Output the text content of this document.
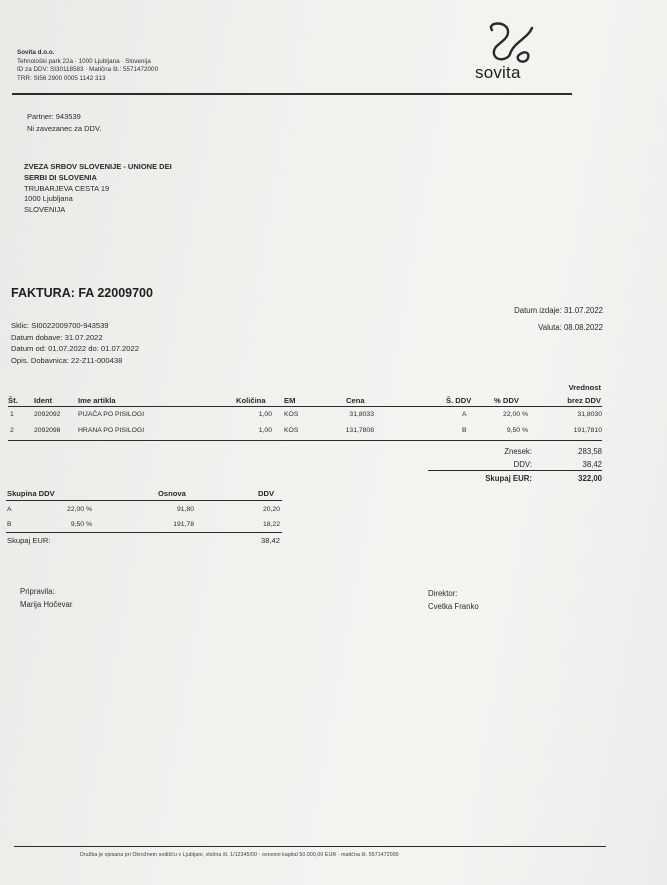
Sovita d.o.o.
Tehnološki park 22a · 1000 Ljubljana · Slovenija
ID za DDV: SI30118583 · Matična št.: 5571472000
TRR: SI56 2900 0005 1142 313	sovita
Partner: 943539
Ni zavezanec za DDV.
ZVEZA SRBOV SLOVENIJE - UNIONE DEI
SERBI DI SLOVENIA
TRUBARJEVA CESTA 19
1000 Ljubljana
SLOVENIJA
FAKTURA: FA 22009700
Datum izdaje: 31.07.2022
Valuta: 08.08.2022
Sklic: SI0022009700-943539
Datum dobave: 31.07.2022
Datum od: 01.07.2022 do: 01.07.2022
Opis. Dobavnica: 22-Z11-000438
Vrednost
Št. Ident	Ime artikla	Količina EM	Cena	Š. DDV	% DDV	brez DDV
1	2092092	PIJAČA PO PISILOGI	1,00 KOS	31,8033	A	22,00 %	31,8030
2	2092098	HRANA PO PISILOGI	1,00 KOS	131,7808	B	9,50 %	191,7810
Znesek:	283,58
DDV:	38,42
Skupaj EUR:	322,00
Skupina DDV	Osnova	DDV
A	22,00 %	91,80	20,20
B	9,50 %	191,78	18,22
Skupaj EUR:	38,42
Pripravila:
Marija Hočevar
Direktor:
Cvetka Franko
Družba je vpisana pri Okrožnem sodišču v Ljubljani, vložna št. 1/12345/00 · osnovni kapital 50.000,00 EUR · matična št. 5571472000
